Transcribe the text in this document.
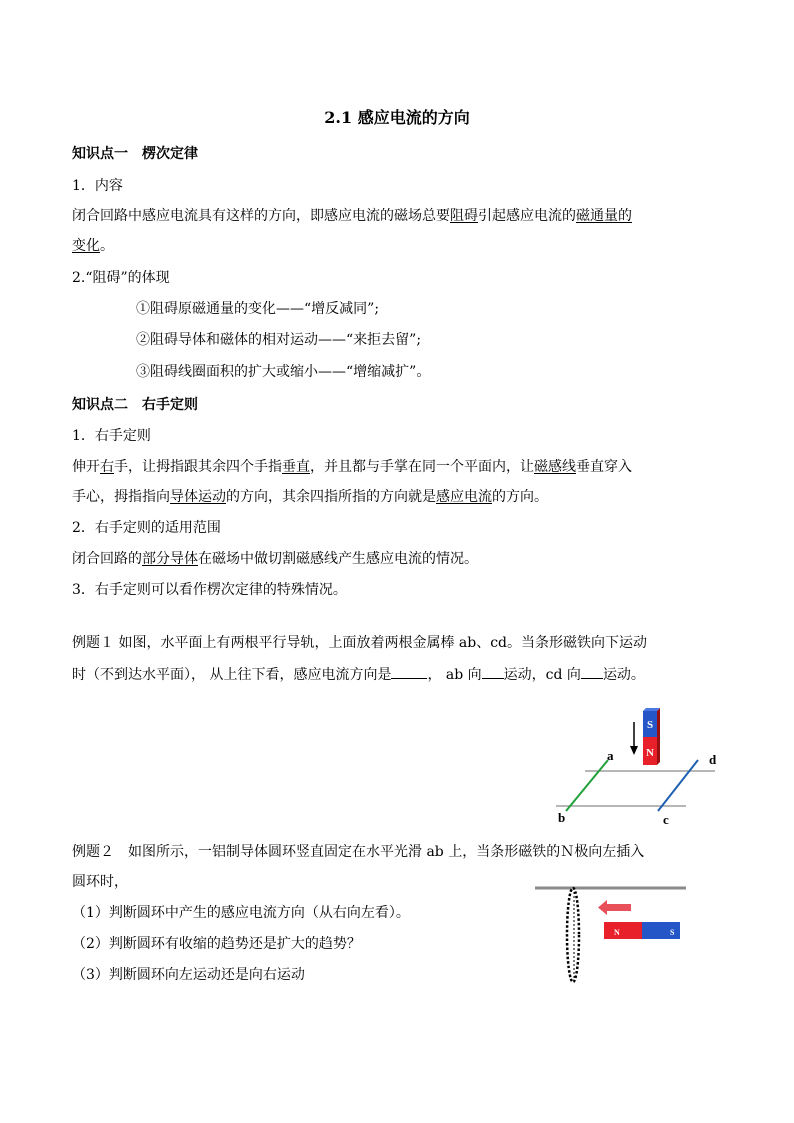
2.1 感应电流的方向
知识点一　楞次定律
1．内容
闭合回路中感应电流具有这样的方向，即感应电流的磁场总要阻碍引起感应电流的磁通量的
变化。
2.“阻碍”的体现
①阻碍原磁通量的变化——“增反减同”;
②阻碍导体和磁体的相对运动——“来拒去留”;
③阻碍线圈面积的扩大或缩小——“增缩减扩”。
知识点二　右手定则
1．右手定则
伸开右手，让拇指跟其余四个手指垂直，并且都与手掌在同一个平面内，让磁感线垂直穿入
手心，拇指指向导体运动的方向，其余四指所指的方向就是感应电流的方向。
2．右手定则的适用范围
闭合回路的部分导体在磁场中做切割磁感线产生感应电流的情况。
3．右手定则可以看作楞次定律的特殊情况。
例题１ 如图，水平面上有两根平行导轨，上面放着两根金属棒 ab、cd。当条形磁铁向下运动
时（不到达水平面）， 从上往下看，感应电流方向是	， ab 向 运动，cd 向 运动。
S
N
a
b	c
d
例题２　如图所示，一铝制导体圆环竖直固定在水平光滑 ab 上，当条形磁铁的Ｎ极向左插入
圆环时，
（1）判断圆环中产生的感应电流方向（从右向左看）。
（2）判断圆环有收缩的趋势还是扩大的趋势？
（3）判断圆环向左运动还是向右运动
N	S
